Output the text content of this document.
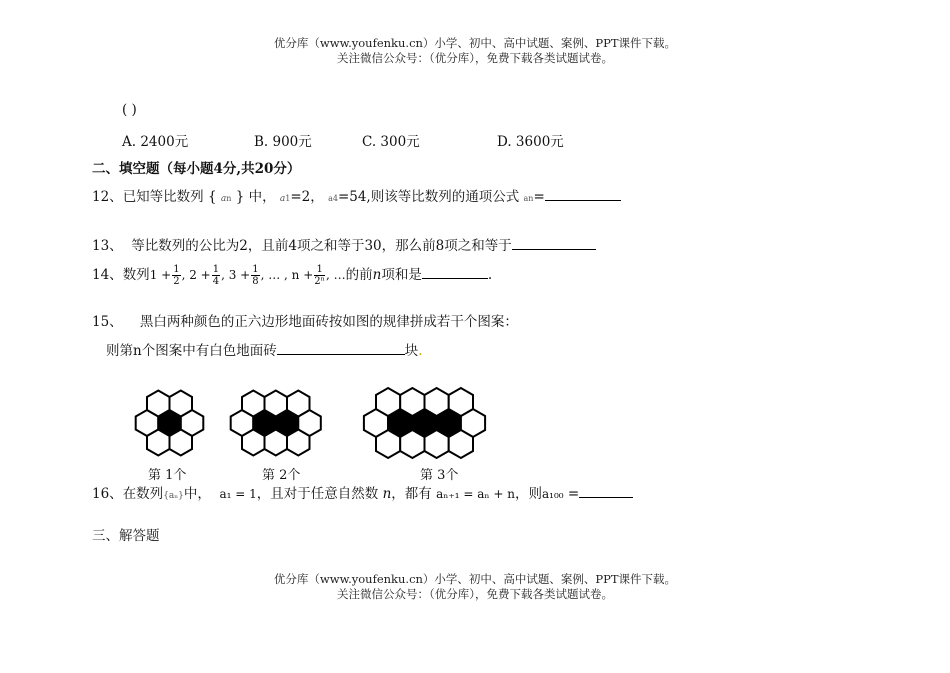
优分库（www.youfenku.cn）小学、初中、高中试题、案例、PPT课件下载。
关注微信公众号：（优分库），免费下载各类试题试卷。
( )
A. 2400元	B. 900元	C. 300元	D. 3600元
二、填空题（每小题4分,共20分）
12、已知等比数列 { an } 中， a1=2， a4=54,则该等比数列的通项公式 an=
13、 等比数列的公比为2，且前4项之和等于30，那么前8项之和等于
14、数列$1 + \frac{1}{2}$ , $2 + \frac{1}{4}$ , $3 + \frac{1}{8}$ , … , $n + \frac{1}{\text{2ⁿ}}$ , …的前n项和是	.
15、 黑白两种颜色的正六边形地面砖按如图的规律拼成若干个图案：
则第n个图案中有白色地面砖	块.
第 1个	第 2个	第 3个
16、在数列{aₙ}中， a₁ = 1，且对于任意自然数 n，都有 aₙ₊₁ = aₙ + n，则a₁₀₀ =
三、解答题
优分库（www.youfenku.cn）小学、初中、高中试题、案例、PPT课件下载。
关注微信公众号：（优分库），免费下载各类试题试卷。
